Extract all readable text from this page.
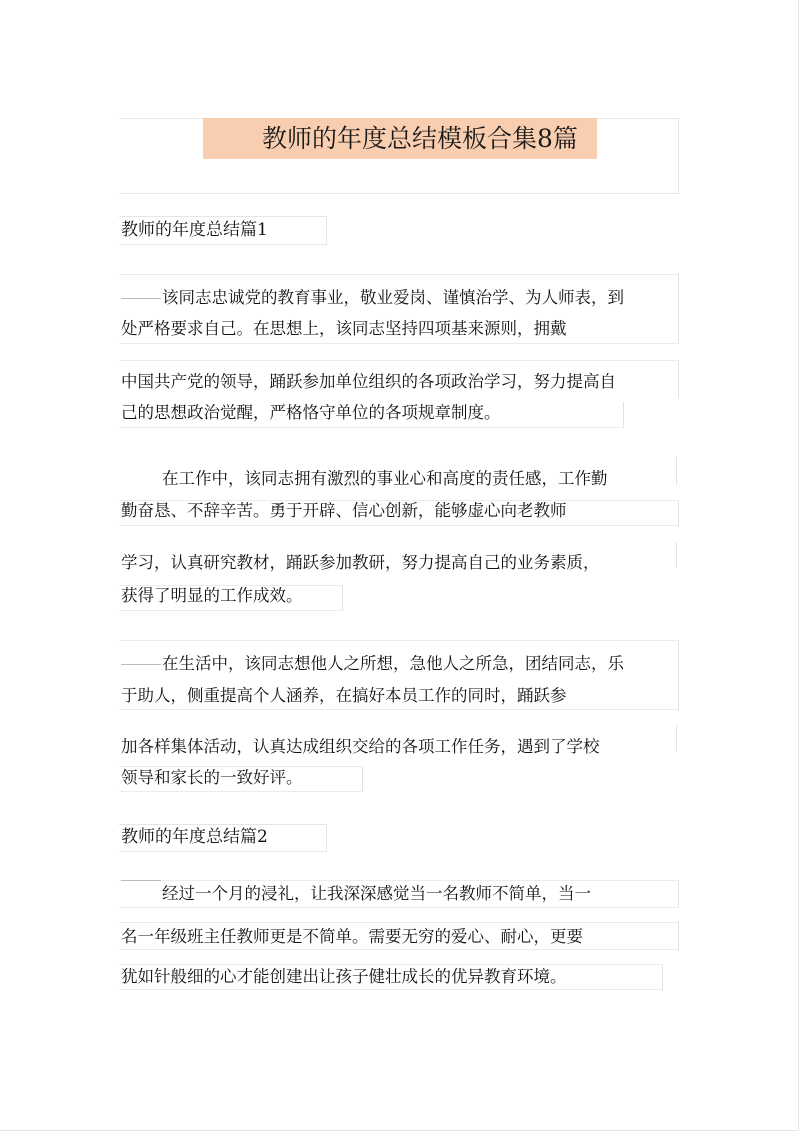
教师的年度总结模板合集8篇
教师的年度总结篇1
该同志忠诚党的教育事业，敬业爱岗、谨慎治学、为人师表，到
处严格要求自己。在思想上，该同志坚持四项基来源则，拥戴
中国共产党的领导，踊跃参加单位组织的各项政治学习，努力提高自
己的思想政治觉醒，严格恪守单位的各项规章制度。
在工作中，该同志拥有激烈的事业心和高度的责任感，工作勤
勤奋恳、不辞辛苦。勇于开辟、信心创新，能够虚心向老教师
学习，认真研究教材，踊跃参加教研，努力提高自己的业务素质，
获得了明显的工作成效。
在生活中，该同志想他人之所想，急他人之所急，团结同志，乐
于助人，侧重提高个人涵养，在搞好本员工作的同时，踊跃参
加各样集体活动，认真达成组织交给的各项工作任务，遇到了学校
领导和家长的一致好评。
教师的年度总结篇2
经过一个月的浸礼，让我深深感觉当一名教师不简单，当一
名一年级班主任教师更是不简单。需要无穷的爱心、耐心，更要
犹如针般细的心才能创建出让孩子健壮成长的优异教育环境。
